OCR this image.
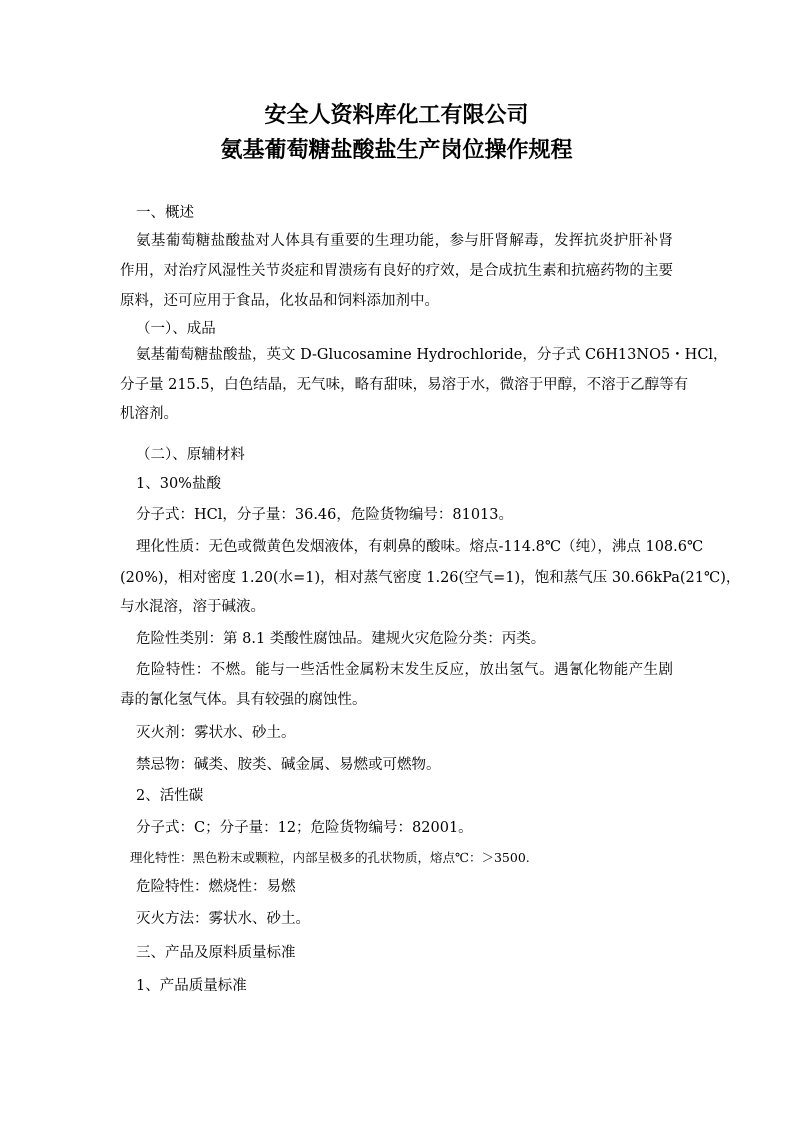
安全人资料库化工有限公司
氨基葡萄糖盐酸盐生产岗位操作规程
一、概述
氨基葡萄糖盐酸盐对人体具有重要的生理功能，参与肝肾解毒，发挥抗炎护肝补肾
作用，对治疗风湿性关节炎症和胃溃疡有良好的疗效，是合成抗生素和抗癌药物的主要
原料，还可应用于食品，化妆品和饲料添加剂中。
（一）、成品
氨基葡萄糖盐酸盐，英文 D-Glucosamine Hydrochloride，分子式 C6H13NO5・HCl，
分子量 215.5，白色结晶，无气味，略有甜味，易溶于水，微溶于甲醇，不溶于乙醇等有
机溶剂。
（二）、原辅材料
1、30%盐酸
分子式：HCl，分子量：36.46，危险货物编号：81013。
理化性质：无色或微黄色发烟液体，有刺鼻的酸味。熔点-114.8℃（纯），沸点 108.6℃
(20%)，相对密度 1.20(水=1)，相对蒸气密度 1.26(空气=1)，饱和蒸气压 30.66kPa(21℃)，
与水混溶，溶于碱液。
危险性类别：第 8.1 类酸性腐蚀品。建规火灾危险分类：丙类。
危险特性：不燃。能与一些活性金属粉末发生反应，放出氢气。遇氰化物能产生剧
毒的氰化氢气体。具有较强的腐蚀性。
灭火剂：雾状水、砂土。
禁忌物：碱类、胺类、碱金属、易燃或可燃物。
2、活性碳
分子式：C；分子量：12；危险货物编号：82001。
理化特性：黑色粉末或颗粒，内部呈极多的孔状物质，熔点℃：＞3500.
危险特性：燃烧性：易燃
灭火方法：雾状水、砂土。
三、产品及原料质量标准
1、产品质量标准
